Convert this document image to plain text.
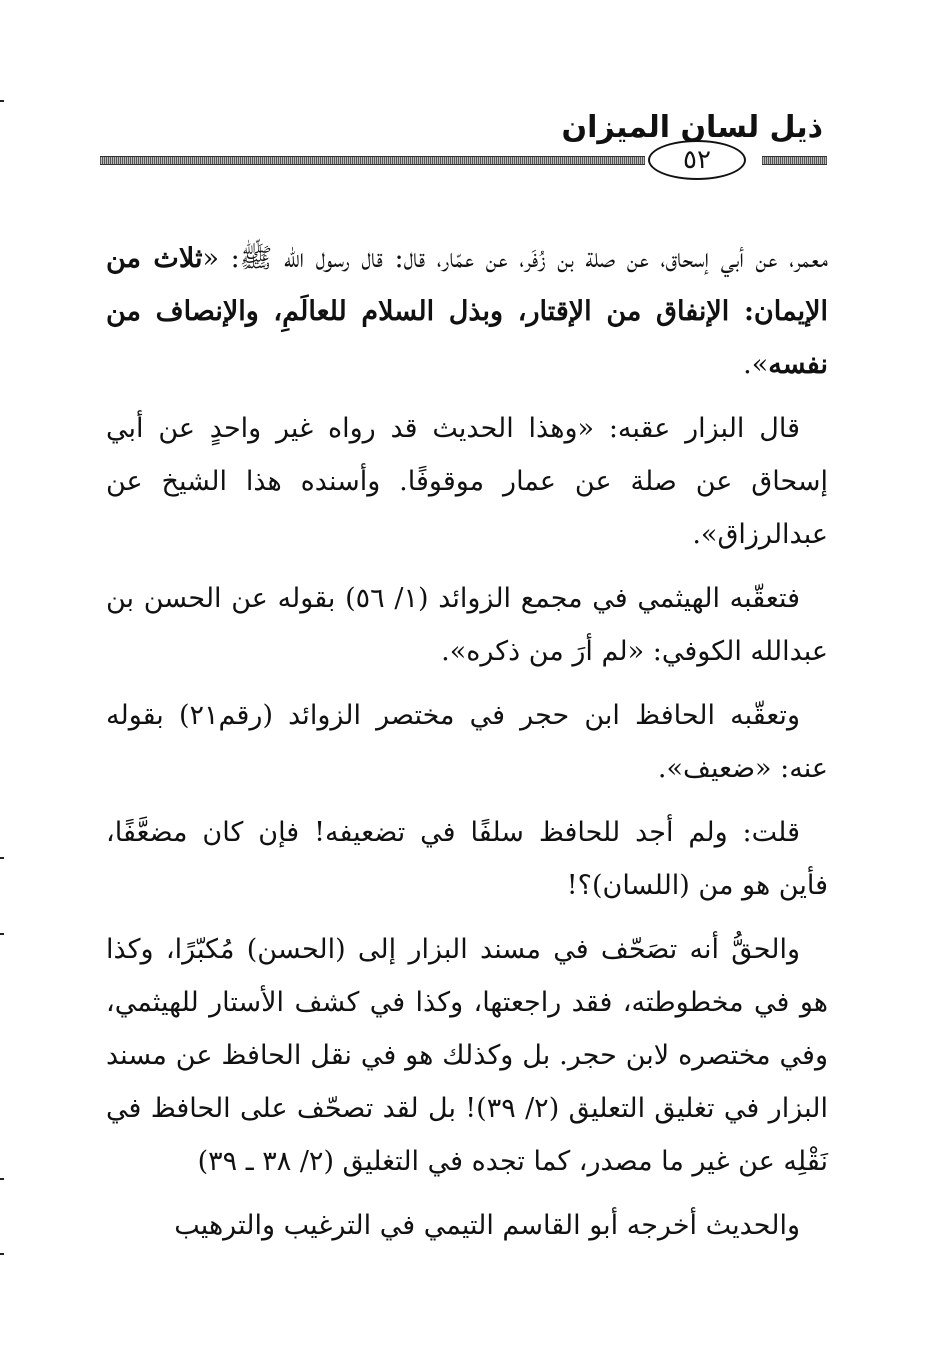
ذيل لسان الميزان
٥٢

معمر، عن أبي إسحاق، عن صلة بن زُفَر، عن عمّار، قال: قال رسول الله ﷺ: «ثلاث من الإيمان: الإنفاق من الإقتار، وبذل السلام للعالَمِ، والإنصاف من نفسه».

قال البزار عقبه: «وهذا الحديث قد رواه غير واحدٍ عن أبي إسحاق عن صلة عن عمار موقوفًا. وأسنده هذا الشيخ عن عبدالرزاق».

فتعقّبه الهيثمي في مجمع الزوائد (١/ ٥٦) بقوله عن الحسن بن عبدالله الكوفي: «لم أرَ من ذكره».

وتعقّبه الحافظ ابن حجر في مختصر الزوائد (رقم٢١) بقوله عنه: «ضعيف».

قلت: ولم أجد للحافظ سلفًا في تضعيفه! فإن كان مضعَّفًا، فأين هو من (اللسان)؟!

والحقُّ أنه تصَحّف في مسند البزار إلى (الحسن) مُكبّرًا، وكذا هو في مخطوطته، فقد راجعتها، وكذا في كشف الأستار للهيثمي، وفي مختصره لابن حجر. بل وكذلك هو في نقل الحافظ عن مسند البزار في تغليق التعليق (٢/ ٣٩)! بل لقد تصحّف على الحافظ في نَقْلِه عن غير ما مصدر، كما تجده في التغليق (٢/ ٣٨ ـ ٣٩)

والحديث أخرجه أبو القاسم التيمي في الترغيب والترهيب
